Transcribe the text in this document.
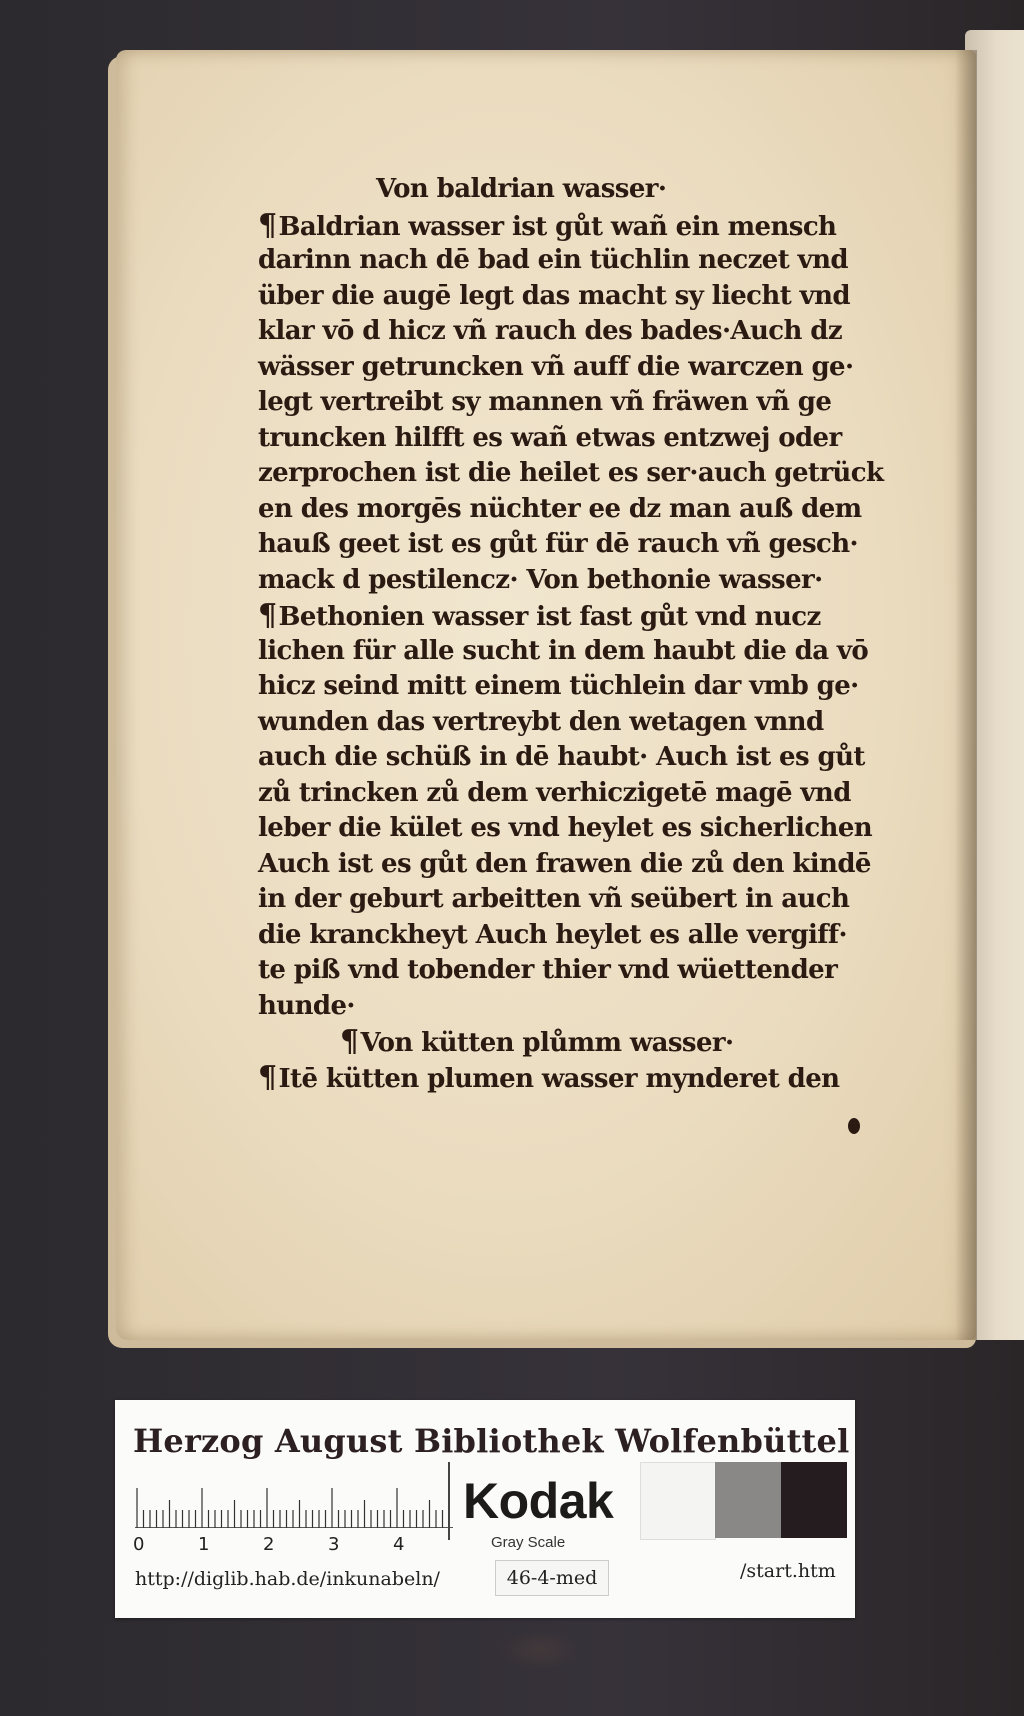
Von baldrian wasser·
¶Baldrian wasser ist gůt wañ ein mensch
darinn nach dē bad ein tüchlin neczet vnd
über die augē legt das macht sy liecht vnd
klar vō d hicz vñ rauch des bades·Auch dz
wässer getruncken vñ auff die warczen ge·
legt vertreibt sy mannen vñ fräwen vñ ge
truncken hilfft es wañ etwas entzwej oder
zerprochen ist die heilet es ser·auch getrück
en des morgēs nüchter ee dz man auß dem
hauß geet ist es gůt für dē rauch vñ gesch·
mack d pestilencz· Von bethonie wasser·
¶Bethonien wasser ist fast gůt vnd nucz
lichen für alle sucht in dem haubt die da vō
hicz seind mitt einem tüchlein dar vmb ge·
wunden das vertreybt den wetagen vnnd
auch die schüß in dē haubt· Auch ist es gůt
zů trincken zů dem verhiczigetē magē vnd
leber die kület es vnd heylet es sicherlichen
Auch ist es gůt den frawen die zů den kindē
in der geburt arbeitten vñ seübert in auch
die kranckheyt Auch heylet es alle vergiff·
te piß vnd tobender thier vnd wüettender
hunde·
¶Von kütten plůmm wasser·
¶Itē kütten plumen wasser mynderet den
Herzog August Bibliothek Wolfenbüttel
0	1	2	3	4
Kodak
Gray Scale
http://diglib.hab.de/inkunabeln/	46-4-med	/start.htm
